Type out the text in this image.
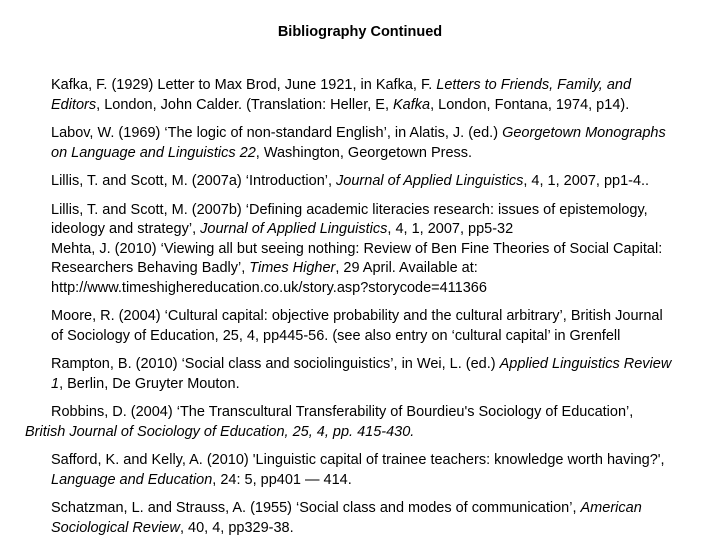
Bibliography Continued
Kafka, F. (1929) Letter to Max Brod, June 1921, in Kafka, F. Letters to Friends, Family, and
Editors, London, John Calder. (Translation: Heller, E, Kafka, London, Fontana, 1974, p14).
Labov, W. (1969) ‘The logic of non-standard English’, in Alatis, J. (ed.) Georgetown Monographs
on Language and Linguistics 22, Washington, Georgetown Press.
Lillis, T. and Scott, M. (2007a) ‘Introduction’, Journal of Applied Linguistics, 4, 1, 2007, pp1-4..
Lillis, T. and Scott, M. (2007b) ‘Defining academic literacies research: issues of epistemology,
ideology and strategy’, Journal of Applied Linguistics, 4, 1, 2007, pp5-32
Mehta, J. (2010) ‘Viewing all but seeing nothing: Review of Ben Fine Theories of Social Capital:
Researchers Behaving Badly’, Times Higher, 29 April. Available at:
http://www.timeshighereducation.co.uk/story.asp?storycode=411366
Moore, R. (2004) ‘Cultural capital: objective probability and the cultural arbitrary’, British Journal
of Sociology of Education, 25, 4, pp445-56. (see also entry on ‘cultural capital’ in Grenfell
Rampton, B. (2010) ‘Social class and sociolinguistics’, in Wei, L. (ed.) Applied Linguistics Review
1, Berlin, De Gruyter Mouton.
Robbins, D. (2004) ‘The Transcultural Transferability of Bourdieu's Sociology of Education’,
British Journal of Sociology of Education, 25, 4, pp. 415-430.
Safford, K. and Kelly, A. (2010) 'Linguistic capital of trainee teachers: knowledge worth having?',
Language and Education, 24: 5, pp401 — 414.
Schatzman, L. and Strauss, A. (1955) ‘Social class and modes of communication’, American
Sociological Review, 40, 4, pp329-38.
